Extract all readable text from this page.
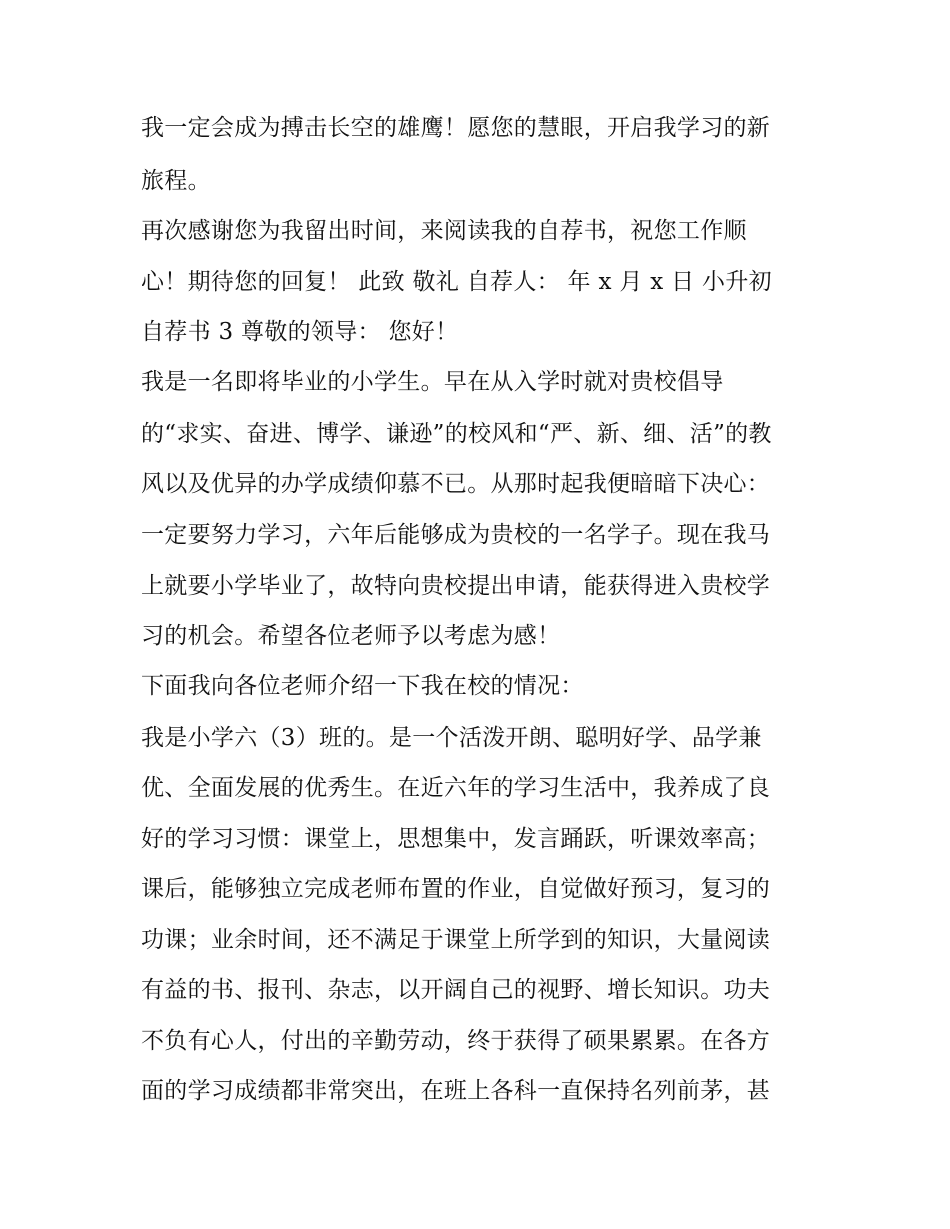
我一定会成为搏击长空的雄鹰！愿您的慧眼，开启我学习的新
旅程。
再次感谢您为我留出时间，来阅读我的自荐书，祝您工作顺
心！期待您的回复！ 此致 敬礼 自荐人： 年 x 月 x 日 小升初
自荐书 3 尊敬的领导： 您好！
我是一名即将毕业的小学生。早在从入学时就对贵校倡导
的“求实、奋进、博学、谦逊”的校风和“严、新、细、活”的教
风以及优异的办学成绩仰慕不已。从那时起我便暗暗下决心：
一定要努力学习，六年后能够成为贵校的一名学子。现在我马
上就要小学毕业了，故特向贵校提出申请，能获得进入贵校学
习的机会。希望各位老师予以考虑为感！
下面我向各位老师介绍一下我在校的情况：
我是小学六（3）班的。是一个活泼开朗、聪明好学、品学兼
优、全面发展的优秀生。在近六年的学习生活中，我养成了良
好的学习习惯：课堂上，思想集中，发言踊跃，听课效率高；
课后，能够独立完成老师布置的作业，自觉做好预习，复习的
功课；业余时间，还不满足于课堂上所学到的知识，大量阅读
有益的书、报刊、杂志，以开阔自己的视野、增长知识。功夫
不负有心人，付出的辛勤劳动，终于获得了硕果累累。在各方
面的学习成绩都非常突出，在班上各科一直保持名列前茅，甚
